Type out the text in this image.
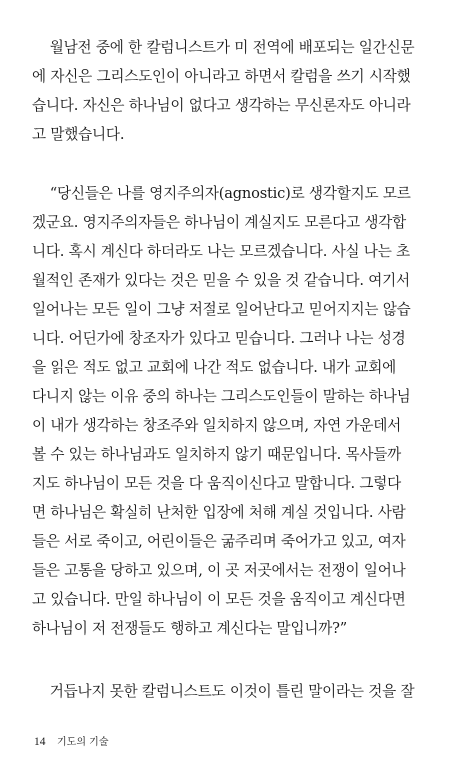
월남전 중에 한 칼럼니스트가 미 전역에 배포되는 일간신문
에 자신은 그리스도인이 아니라고 하면서 칼럼을 쓰기 시작했
습니다. 자신은 하나님이 없다고 생각하는 무신론자도 아니라
고 말했습니다.
“당신들은 나를 영지주의자(agnostic)로 생각할지도 모르
겠군요. 영지주의자들은 하나님이 계실지도 모른다고 생각합
니다. 혹시 계신다 하더라도 나는 모르겠습니다. 사실 나는 초
월적인 존재가 있다는 것은 믿을 수 있을 것 같습니다. 여기서
일어나는 모든 일이 그냥 저절로 일어난다고 믿어지지는 않습
니다. 어딘가에 창조자가 있다고 믿습니다. 그러나 나는 성경
을 읽은 적도 없고 교회에 나간 적도 없습니다. 내가 교회에
다니지 않는 이유 중의 하나는 그리스도인들이 말하는 하나님
이 내가 생각하는 창조주와 일치하지 않으며, 자연 가운데서
볼 수 있는 하나님과도 일치하지 않기 때문입니다. 목사들까
지도 하나님이 모든 것을 다 움직이신다고 말합니다. 그렇다
면 하나님은 확실히 난처한 입장에 처해 계실 것입니다. 사람
들은 서로 죽이고, 어린이들은 굶주리며 죽어가고 있고, 여자
들은 고통을 당하고 있으며, 이 곳 저곳에서는 전쟁이 일어나
고 있습니다. 만일 하나님이 이 모든 것을 움직이고 계신다면
하나님이 저 전쟁들도 행하고 계신다는 말입니까?”
거듭나지 못한 칼럼니스트도 이것이 틀린 말이라는 것을 잘
14 기도의 기술
